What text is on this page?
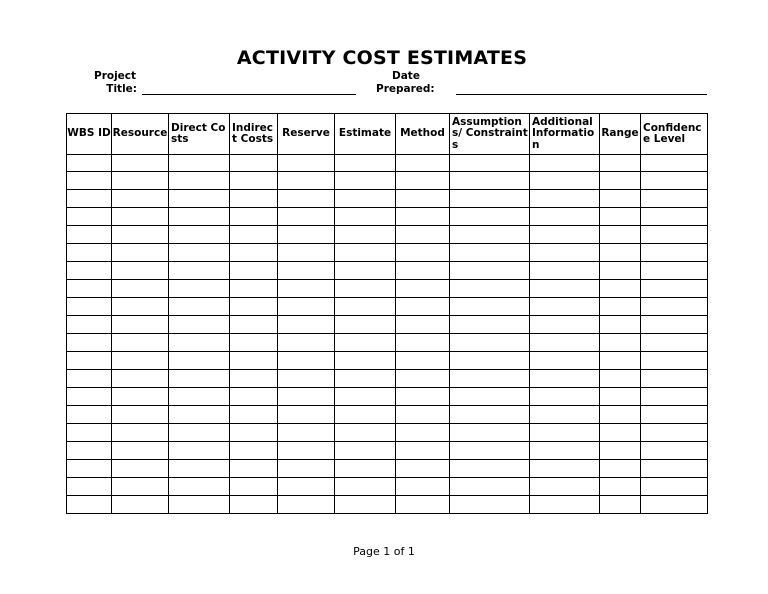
ACTIVITY COST ESTIMATES
Project
Title:
Date
Prepared:
WBS ID	Resource	Direct Costs	Indirect Costs	Reserve	Estimate	Method	Assumptions/ Constraints	Additional Information	Range	Confidence Level

Page 1 of 1
